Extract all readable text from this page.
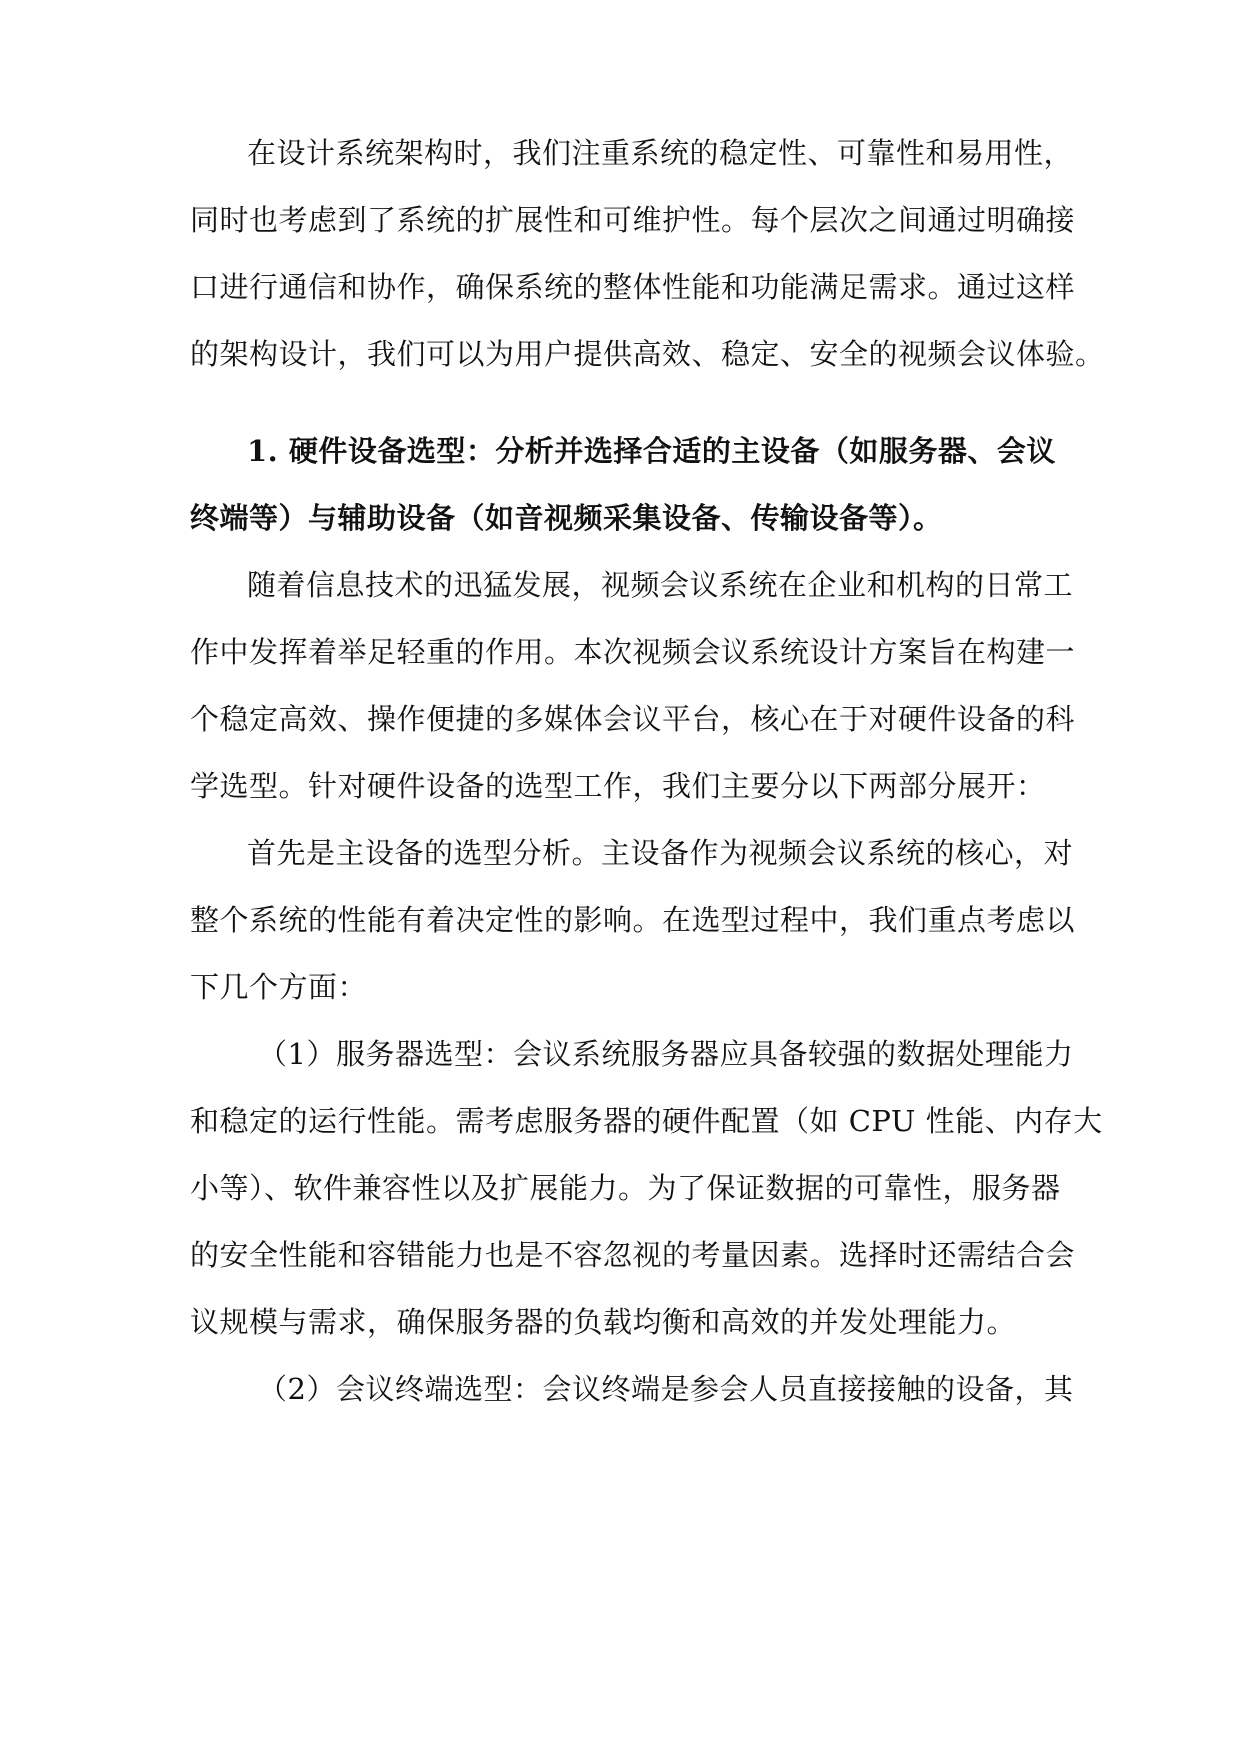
在设计系统架构时，我们注重系统的稳定性、可靠性和易用性，
同时也考虑到了系统的扩展性和可维护性。每个层次之间通过明确接
口进行通信和协作，确保系统的整体性能和功能满足需求。通过这样
的架构设计，我们可以为用户提供高效、稳定、安全的视频会议体验。
1. 硬件设备选型：分析并选择合适的主设备（如服务器、会议
终端等）与辅助设备（如音视频采集设备、传输设备等）。
随着信息技术的迅猛发展，视频会议系统在企业和机构的日常工
作中发挥着举足轻重的作用。本次视频会议系统设计方案旨在构建一
个稳定高效、操作便捷的多媒体会议平台，核心在于对硬件设备的科
学选型。针对硬件设备的选型工作，我们主要分以下两部分展开：
首先是主设备的选型分析。主设备作为视频会议系统的核心，对
整个系统的性能有着决定性的影响。在选型过程中，我们重点考虑以
下几个方面：
（1）服务器选型：会议系统服务器应具备较强的数据处理能力
和稳定的运行性能。需考虑服务器的硬件配置（如 CPU 性能、内存大
小等）、软件兼容性以及扩展能力。为了保证数据的可靠性，服务器
的安全性能和容错能力也是不容忽视的考量因素。选择时还需结合会
议规模与需求，确保服务器的负载均衡和高效的并发处理能力。
（2）会议终端选型：会议终端是参会人员直接接触的设备，其
